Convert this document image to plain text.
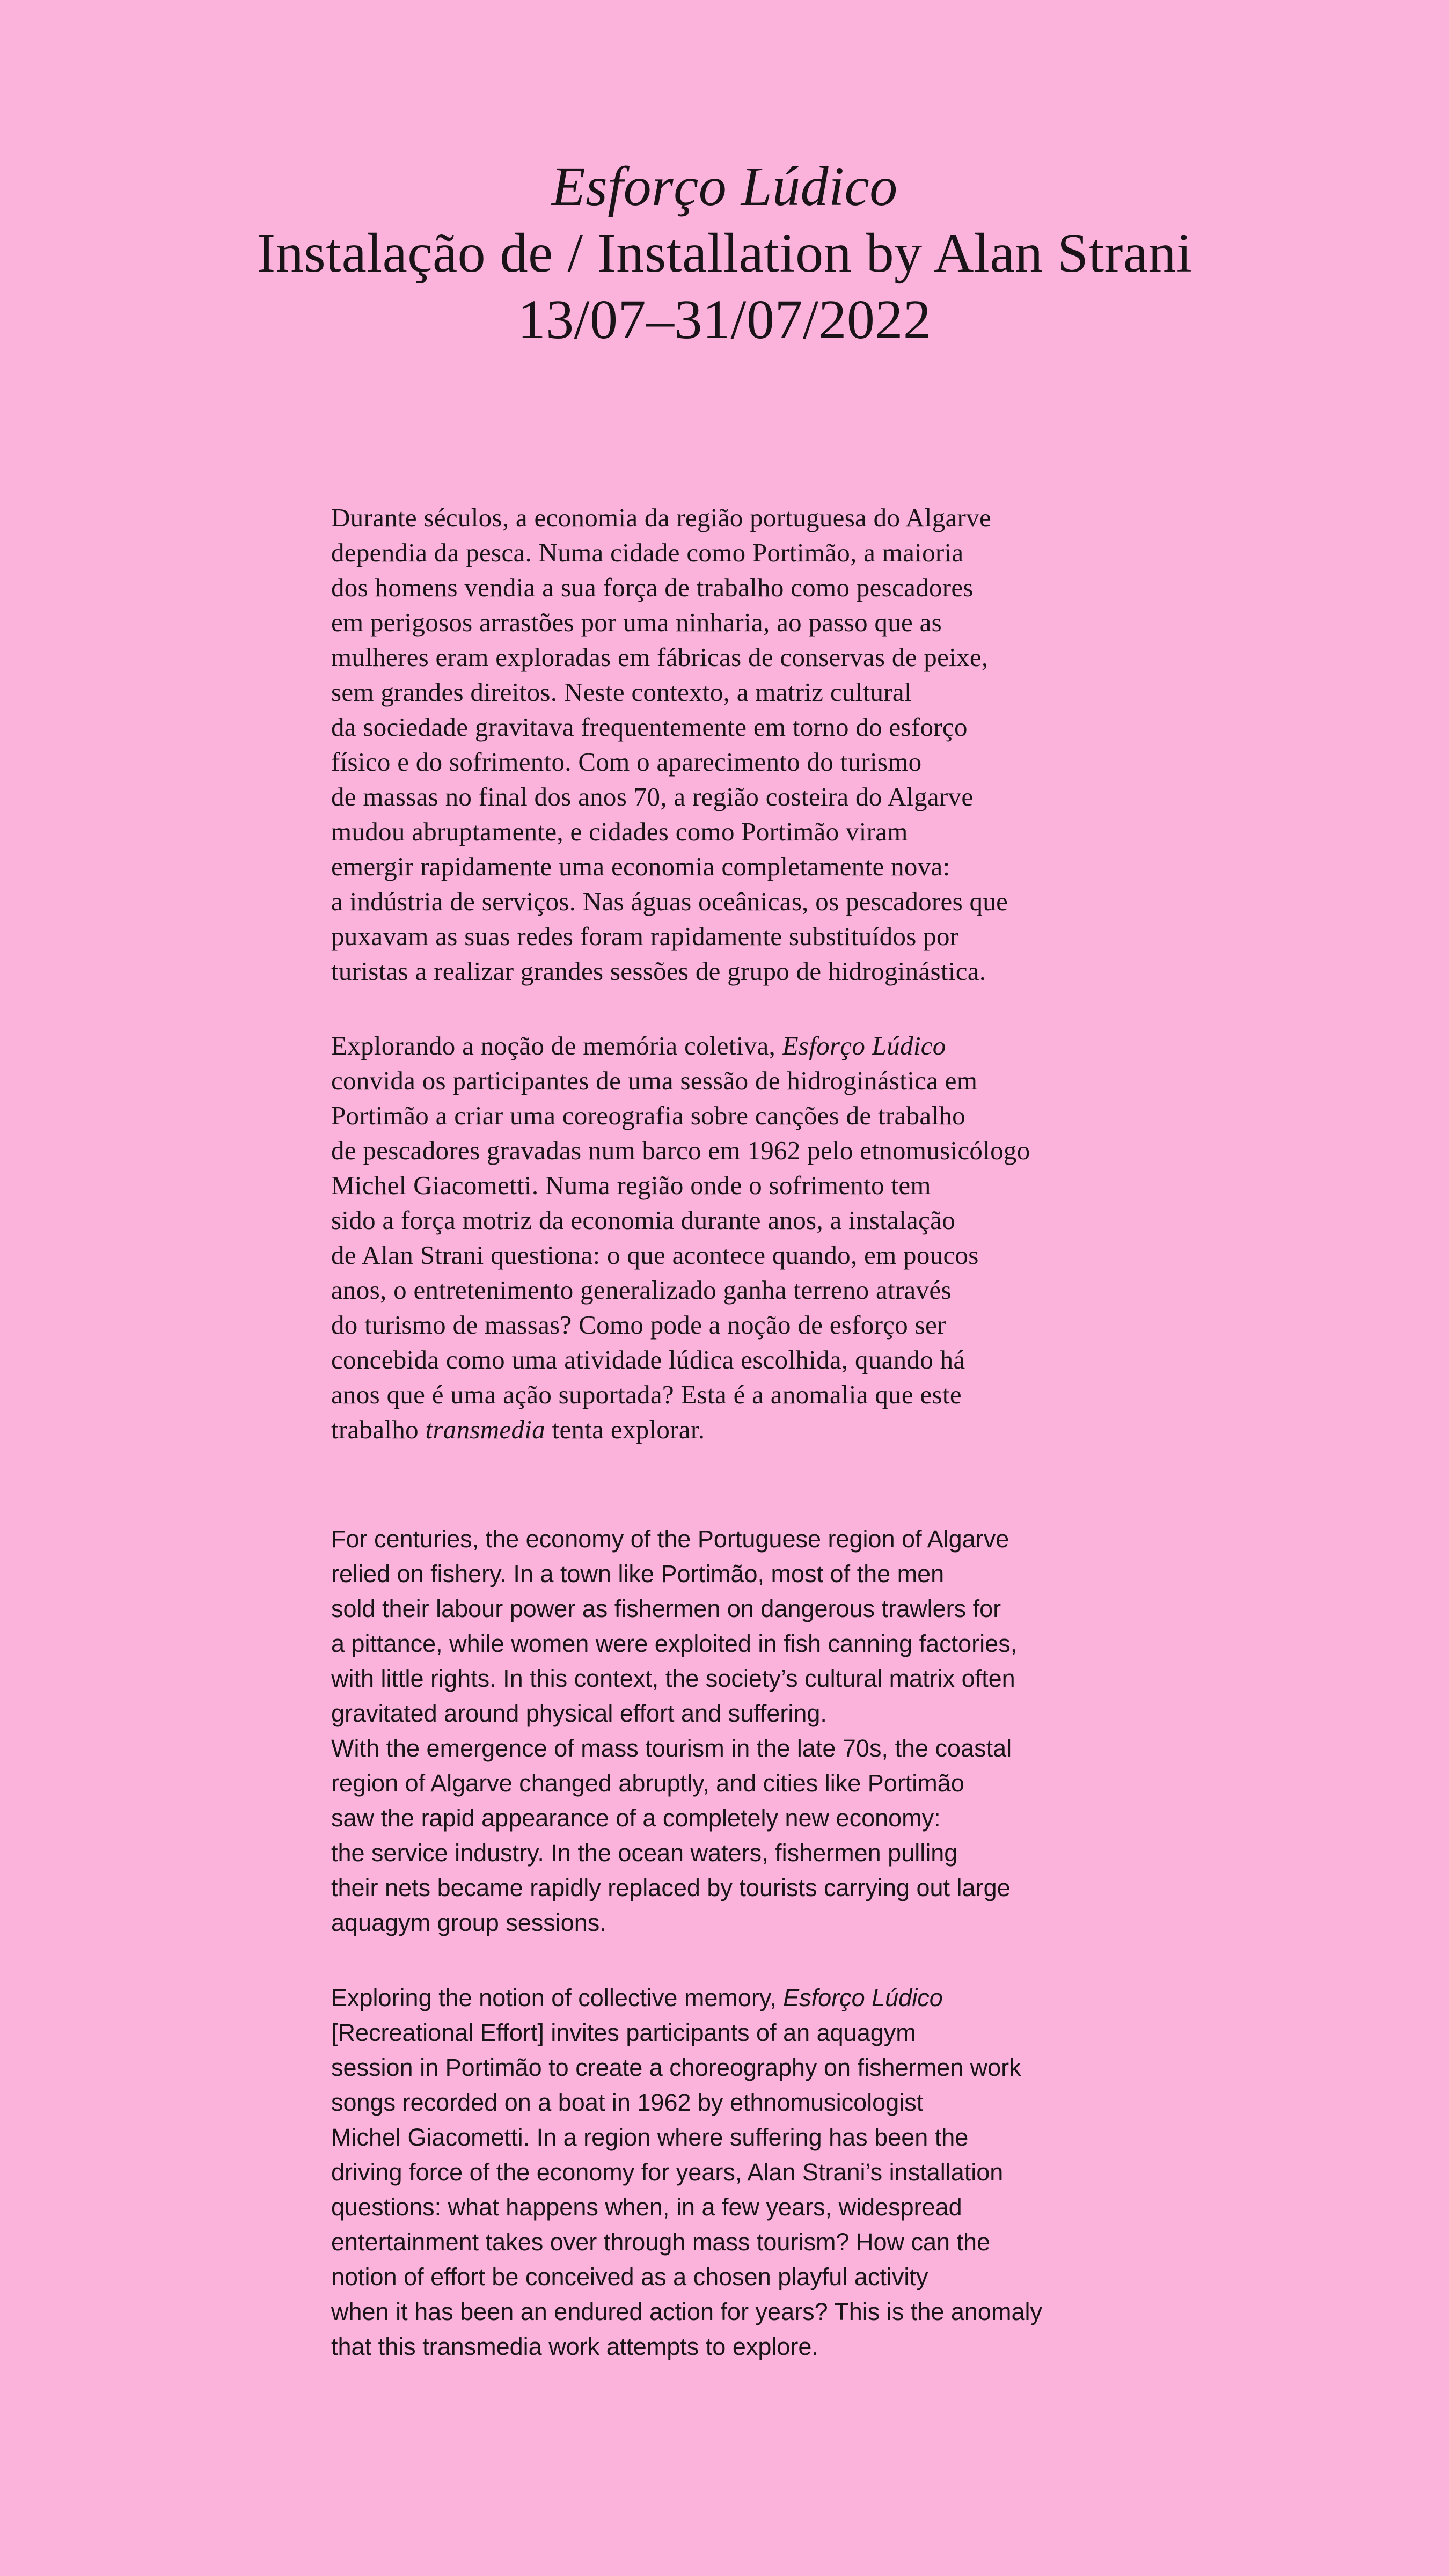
Esforço Lúdico
Instalação de / Installation by Alan Strani
13/07–31/07/2022

Durante séculos, a economia da região portuguesa do Algarve
dependia da pesca. Numa cidade como Portimão, a maioria
dos homens vendia a sua força de trabalho como pescadores
em perigosos arrastões por uma ninharia, ao passo que as
mulheres eram exploradas em fábricas de conservas de peixe,
sem grandes direitos. Neste contexto, a matriz cultural
da sociedade gravitava frequentemente em torno do esforço
físico e do sofrimento. Com o aparecimento do turismo
de massas no final dos anos 70, a região costeira do Algarve
mudou abruptamente, e cidades como Portimão viram
emergir rapidamente uma economia completamente nova:
a indústria de serviços. Nas águas oceânicas, os pescadores que
puxavam as suas redes foram rapidamente substituídos por
turistas a realizar grandes sessões de grupo de hidroginástica.

Explorando a noção de memória coletiva, Esforço Lúdico
convida os participantes de uma sessão de hidroginástica em
Portimão a criar uma coreografia sobre canções de trabalho
de pescadores gravadas num barco em 1962 pelo etnomusicólogo
Michel Giacometti. Numa região onde o sofrimento tem
sido a força motriz da economia durante anos, a instalação
de Alan Strani questiona: o que acontece quando, em poucos
anos, o entretenimento generalizado ganha terreno através
do turismo de massas? Como pode a noção de esforço ser
concebida como uma atividade lúdica escolhida, quando há
anos que é uma ação suportada? Esta é a anomalia que este
trabalho transmedia tenta explorar.

For centuries, the economy of the Portuguese region of Algarve
relied on fishery. In a town like Portimão, most of the men
sold their labour power as fishermen on dangerous trawlers for
a pittance, while women were exploited in fish canning factories,
with little rights. In this context, the society’s cultural matrix often
gravitated around physical effort and suffering.
With the emergence of mass tourism in the late 70s, the coastal
region of Algarve changed abruptly, and cities like Portimão
saw the rapid appearance of a completely new economy:
the service industry. In the ocean waters, fishermen pulling
their nets became rapidly replaced by tourists carrying out large
aquagym group sessions.

Exploring the notion of collective memory, Esforço Lúdico
[Recreational Effort] invites participants of an aquagym
session in Portimão to create a choreography on fishermen work
songs recorded on a boat in 1962 by ethnomusicologist
Michel Giacometti. In a region where suffering has been the
driving force of the economy for years, Alan Strani’s installation
questions: what happens when, in a few years, widespread
entertainment takes over through mass tourism? How can the
notion of effort be conceived as a chosen playful activity
when it has been an endured action for years? This is the anomaly
that this transmedia work attempts to explore.
